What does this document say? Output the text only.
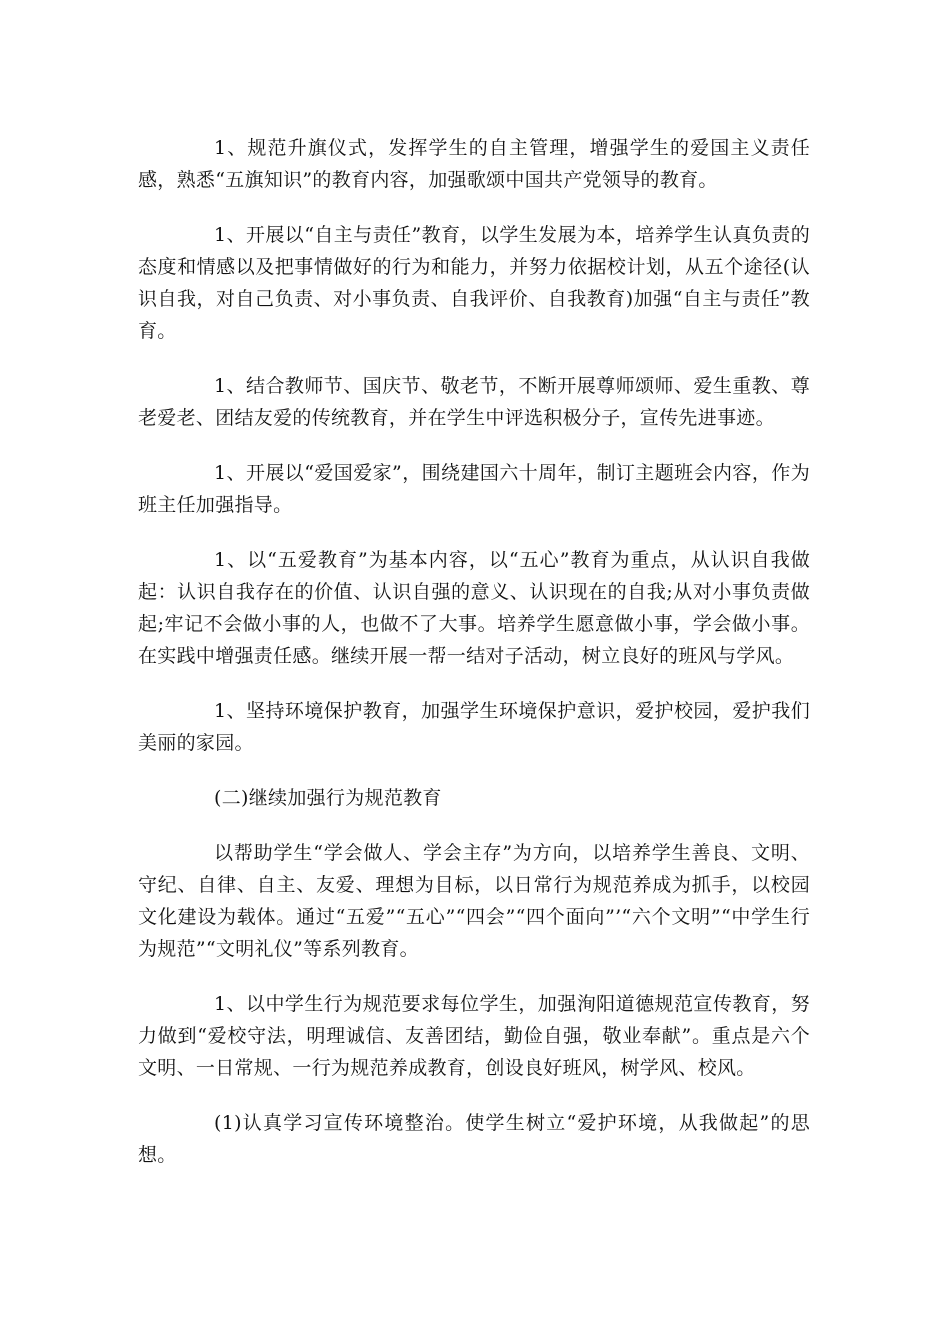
1、规范升旗仪式，发挥学生的自主管理，增强学生的爱国主义责任感，熟悉“五旗知识”的教育内容，加强歌颂中国共产党领导的教育。

1、开展以“自主与责任”教育，以学生发展为本，培养学生认真负责的态度和情感以及把事情做好的行为和能力，并努力依据校计划，从五个途径(认识自我，对自己负责、对小事负责、自我评价、自我教育)加强“自主与责任”教育。

1、结合教师节、国庆节、敬老节，不断开展尊师颂师、爱生重教、尊老爱老、团结友爱的传统教育，并在学生中评选积极分子，宣传先进事迹。

1、开展以“爱国爱家”，围绕建国六十周年，制订主题班会内容，作为班主任加强指导。

1、以“五爱教育”为基本内容，以“五心”教育为重点，从认识自我做起：认识自我存在的价值、认识自强的意义、认识现在的自我;从对小事负责做起;牢记不会做小事的人，也做不了大事。培养学生愿意做小事，学会做小事。在实践中增强责任感。继续开展一帮一结对子活动，树立良好的班风与学风。

1、坚持环境保护教育，加强学生环境保护意识，爱护校园，爱护我们美丽的家园。

(二)继续加强行为规范教育

以帮助学生“学会做人、学会主存”为方向，以培养学生善良、文明、守纪、自律、自主、友爱、理想为目标，以日常行为规范养成为抓手，以校园文化建设为载体。通过“五爱”“五心”“四会”“四个面向”’“六个文明”“中学生行为规范”“文明礼仪”等系列教育。

1、以中学生行为规范要求每位学生，加强洵阳道德规范宣传教育，努力做到“爱校守法，明理诚信、友善团结，勤俭自强，敬业奉献”。重点是六个文明、一日常规、一行为规范养成教育，创设良好班风，树学风、校风。

(1)认真学习宣传环境整治。使学生树立“爱护环境，从我做起”的思想。
